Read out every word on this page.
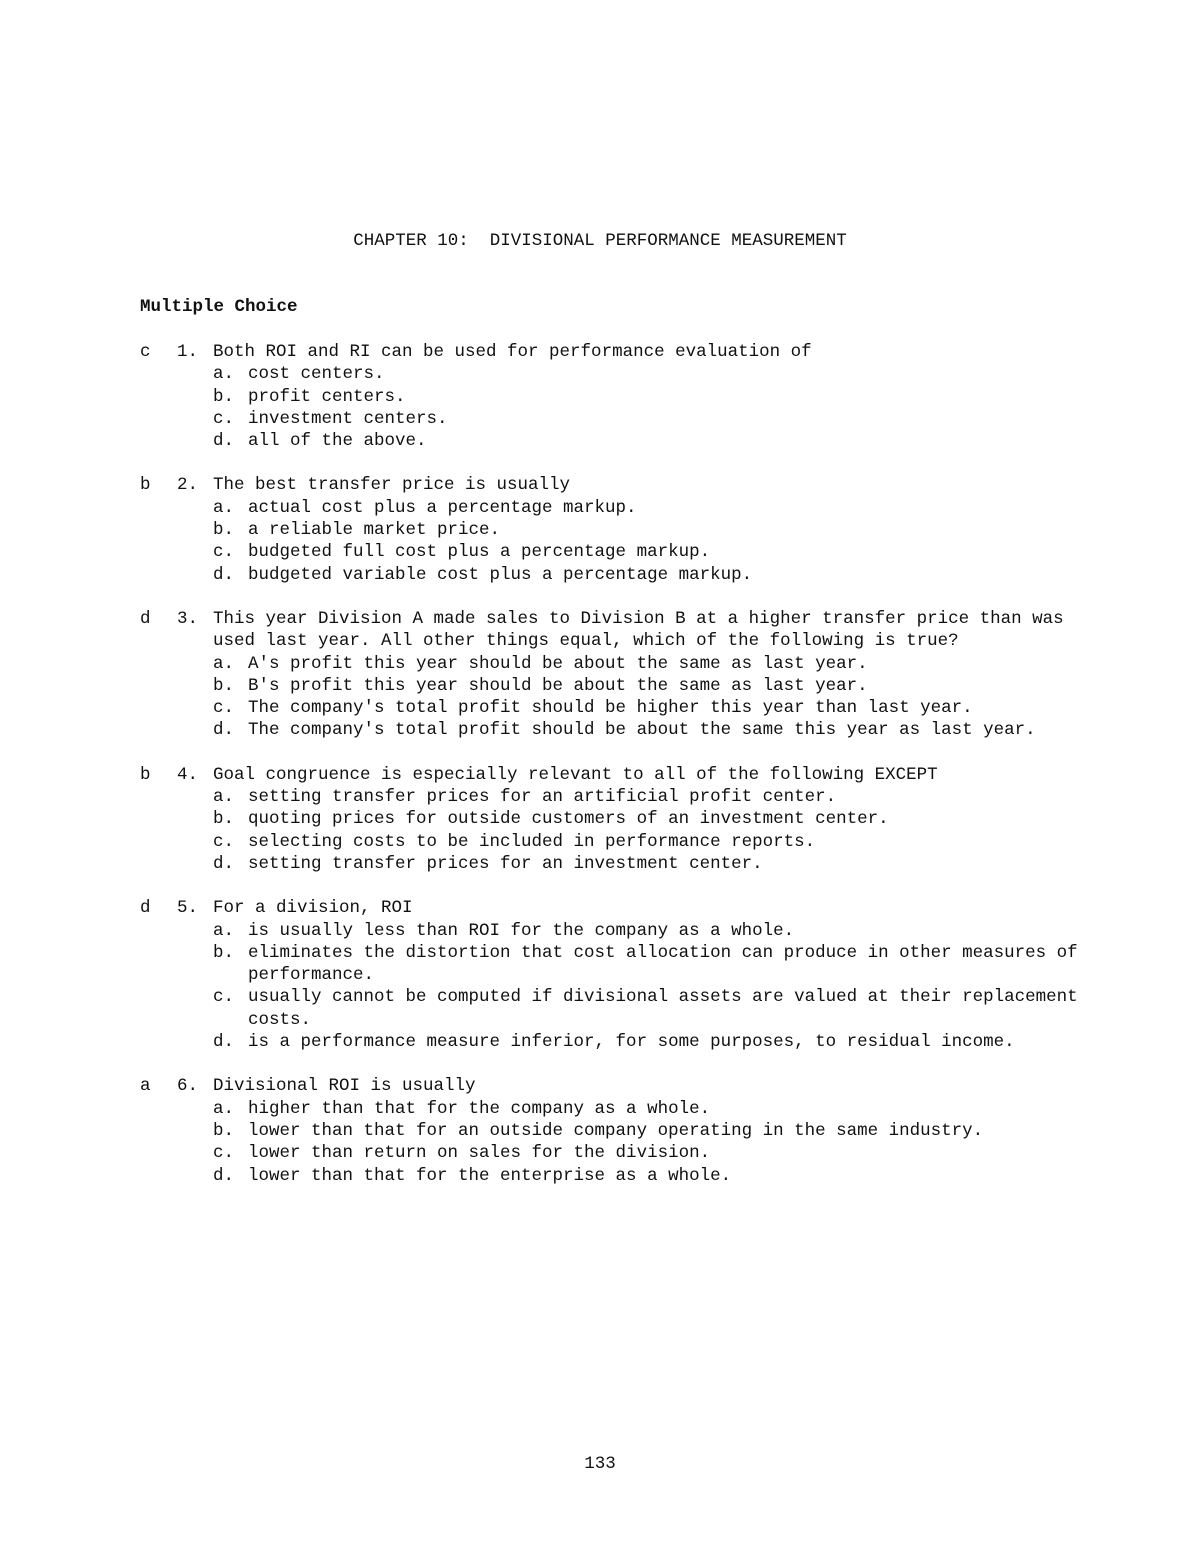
CHAPTER 10:  DIVISIONAL PERFORMANCE MEASUREMENT
Multiple Choice
c	1. Both ROI and RI can be used for performance evaluation of
a. cost centers.
b. profit centers.
c. investment centers.
d. all of the above.
b	2. The best transfer price is usually
a. actual cost plus a percentage markup.
b. a reliable market price.
c. budgeted full cost plus a percentage markup.
d. budgeted variable cost plus a percentage markup.
d	3. This year Division A made sales to Division B at a higher transfer price than was used last year. All other things equal, which of the following is true?
a. A's profit this year should be about the same as last year.
b. B's profit this year should be about the same as last year.
c. The company's total profit should be higher this year than last year.
d. The company's total profit should be about the same this year as last year.
b	4. Goal congruence is especially relevant to all of the following EXCEPT
a. setting transfer prices for an artificial profit center.
b. quoting prices for outside customers of an investment center.
c. selecting costs to be included in performance reports.
d. setting transfer prices for an investment center.
d	5. For a division, ROI
a. is usually less than ROI for the company as a whole.
b. eliminates the distortion that cost allocation can produce in other measures of performance.
c. usually cannot be computed if divisional assets are valued at their replacement costs.
d. is a performance measure inferior, for some purposes, to residual income.
a	6. Divisional ROI is usually
a. higher than that for the company as a whole.
b. lower than that for an outside company operating in the same industry.
c. lower than return on sales for the division.
d. lower than that for the enterprise as a whole.
133
